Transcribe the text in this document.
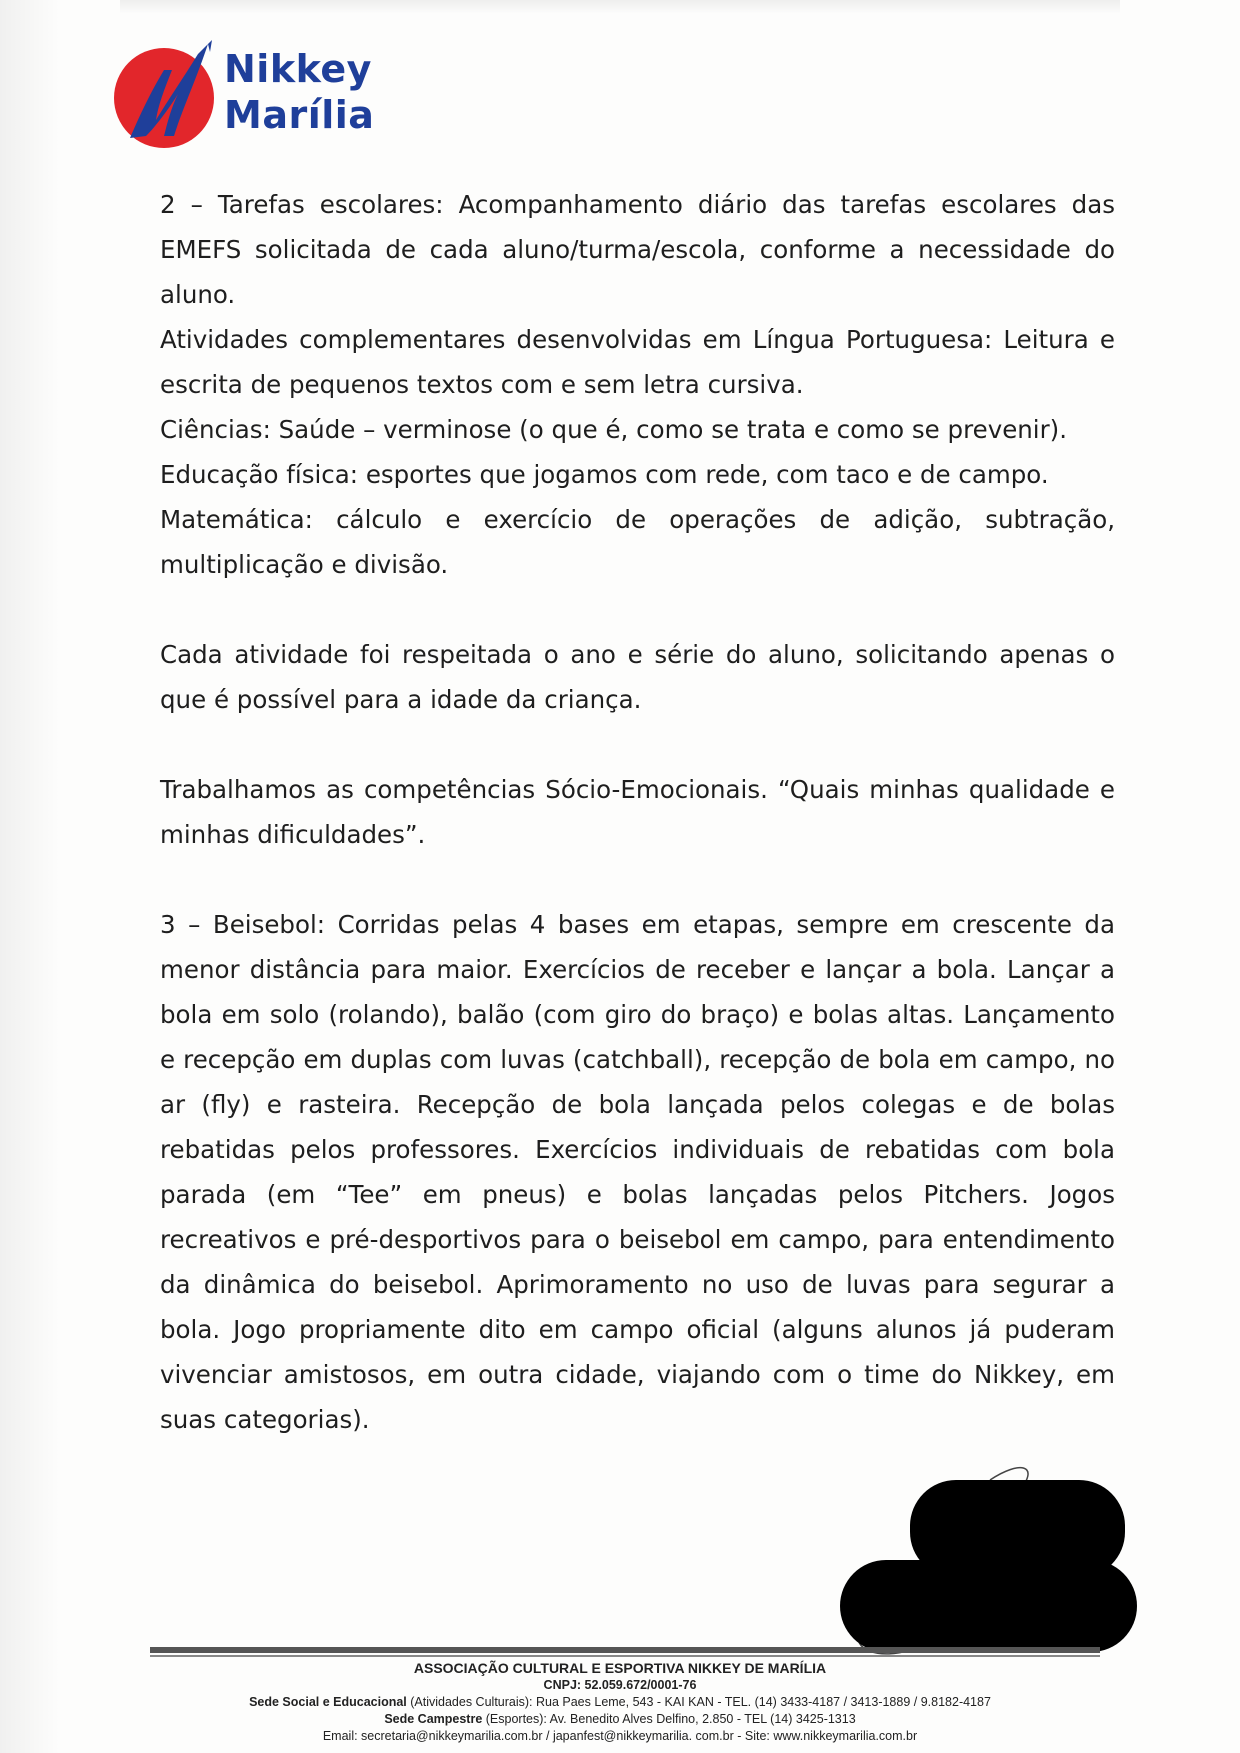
Nikkey
Marília

2 – Tarefas escolares: Acompanhamento diário das tarefas escolares das EMEFS solicitada de cada aluno/turma/escola, conforme a necessidade do aluno.

Atividades complementares desenvolvidas em Língua Portuguesa: Leitura e escrita de pequenos textos com e sem letra cursiva.

Ciências: Saúde – verminose (o que é, como se trata e como se prevenir).

Educação física: esportes que jogamos com rede, com taco e de campo.

Matemática: cálculo e exercício de operações de adição, subtração, multiplicação e divisão.

Cada atividade foi respeitada o ano e série do aluno, solicitando apenas o que é possível para a idade da criança.

Trabalhamos as competências Sócio-Emocionais. “Quais minhas qualidade e minhas dificuldades”.

3 – Beisebol: Corridas pelas 4 bases em etapas, sempre em crescente da menor distância para maior. Exercícios de receber e lançar a bola. Lançar a bola em solo (rolando), balão (com giro do braço) e bolas altas. Lançamento e recepção em duplas com luvas (catchball), recepção de bola em campo, no ar (fly) e rasteira. Recepção de bola lançada pelos colegas e de bolas rebatidas pelos professores. Exercícios individuais de rebatidas com bola parada (em “Tee” em pneus) e bolas lançadas pelos Pitchers. Jogos recreativos e pré-desportivos para o beisebol em campo, para entendimento da dinâmica do beisebol. Aprimoramento no uso de luvas para segurar a bola. Jogo propriamente dito em campo oficial (alguns alunos já puderam vivenciar amistosos, em outra cidade, viajando com o time do Nikkey, em suas categorias).

ASSOCIAÇÃO CULTURAL E ESPORTIVA NIKKEY DE MARÍLIA
CNPJ: 52.059.672/0001-76
Sede Social e Educacional (Atividades Culturais): Rua Paes Leme, 543 - KAI KAN - TEL. (14) 3433-4187 / 3413-1889 / 9.8182-4187
Sede Campestre (Esportes): Av. Benedito Alves Delfino, 2.850 - TEL (14) 3425-1313
Email: secretaria@nikkeymarilia.com.br / japanfest@nikkeymarilia. com.br - Site: www.nikkeymarilia.com.br
